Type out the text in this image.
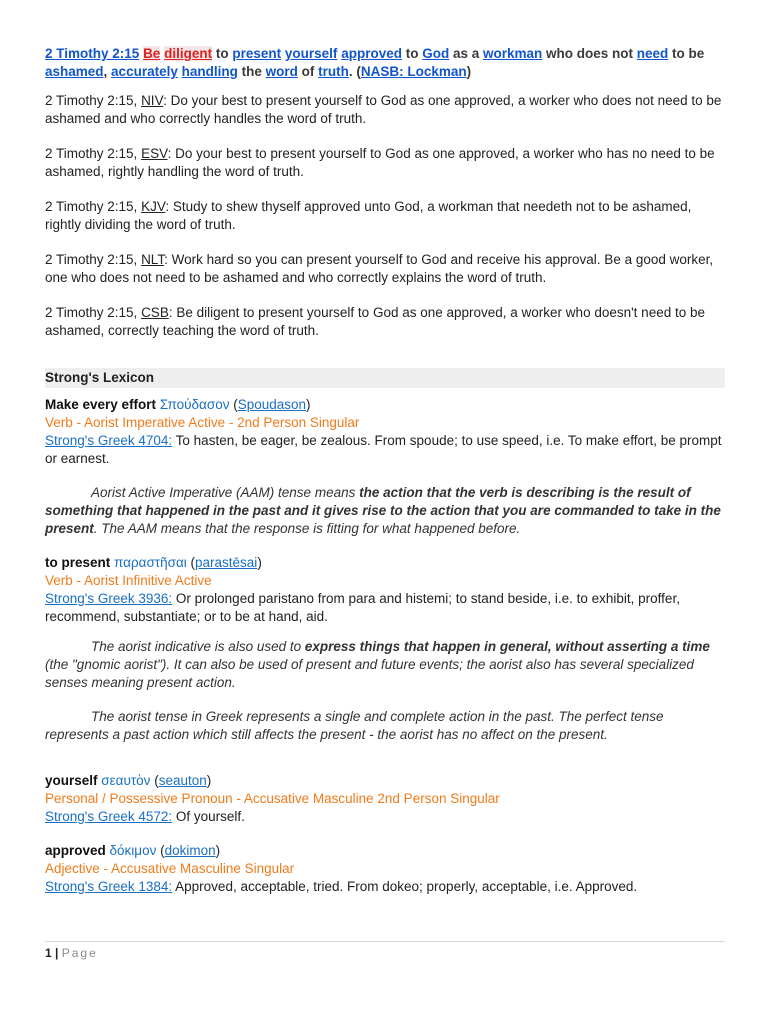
2 Timothy 2:15 Be diligent to present yourself approved to God as a workman who does not need to be ashamed, accurately handling the word of truth. (NASB: Lockman)

2 Timothy 2:15, NIV: Do your best to present yourself to God as one approved, a worker who does not need to be ashamed and who correctly handles the word of truth.

2 Timothy 2:15, ESV: Do your best to present yourself to God as one approved, a worker who has no need to be ashamed, rightly handling the word of truth.

2 Timothy 2:15, KJV: Study to shew thyself approved unto God, a workman that needeth not to be ashamed, rightly dividing the word of truth.

2 Timothy 2:15, NLT: Work hard so you can present yourself to God and receive his approval. Be a good worker, one who does not need to be ashamed and who correctly explains the word of truth.

2 Timothy 2:15, CSB: Be diligent to present yourself to God as one approved, a worker who doesn't need to be ashamed, correctly teaching the word of truth.

Strong's Lexicon

Make every effort Σπούδασον (Spoudason)

Verb - Aorist Imperative Active - 2nd Person Singular

Strong's Greek 4704: To hasten, be eager, be zealous. From spoude; to use speed, i.e. To make effort, be prompt or earnest.

Aorist Active Imperative (AAM) tense means the action that the verb is describing is the result of something that happened in the past and it gives rise to the action that you are commanded to take in the present. The AAM means that the response is fitting for what happened before.

to present παραστῆσαι (parastēsai)

Verb - Aorist Infinitive Active

Strong's Greek 3936: Or prolonged paristano from para and histemi; to stand beside, i.e. to exhibit, proffer, recommend, substantiate; or to be at hand, aid.

The aorist indicative is also used to express things that happen in general, without asserting a time (the "gnomic aorist"). It can also be used of present and future events; the aorist also has several specialized senses meaning present action.

The aorist tense in Greek represents a single and complete action in the past. The perfect tense represents a past action which still affects the present - the aorist has no affect on the present.

yourself σεαυτὸν (seauton)

Personal / Possessive Pronoun - Accusative Masculine 2nd Person Singular

Strong's Greek 4572: Of yourself.

approved δόκιμον (dokimon)

Adjective - Accusative Masculine Singular

Strong's Greek 1384: Approved, acceptable, tried. From dokeo; properly, acceptable, i.e. Approved.

1 | Page
